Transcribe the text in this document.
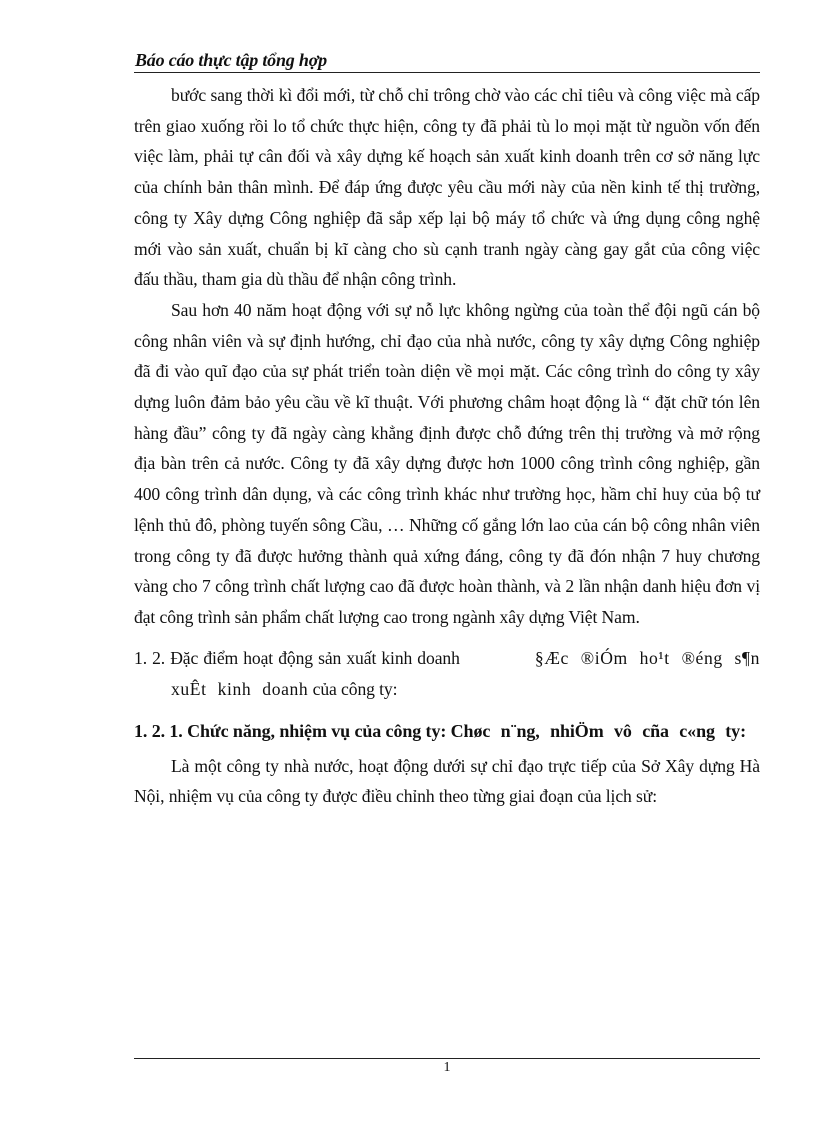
Báo cáo thực tập tổng hợp

bước sang thời kì đổi mới, từ chỗ chỉ trông chờ vào các chỉ tiêu và công việc mà cấp trên giao xuống rồi lo tổ chức thực hiện, công ty đã phải tù lo mọi mặt từ nguồn vốn đến việc làm, phải tự cân đối và xây dựng kế hoạch sản xuất kinh doanh trên cơ sở năng lực của chính bản thân mình. Để đáp ứng được yêu cầu mới này của nền kinh tế thị trường, công ty Xây dựng Công nghiệp đã sắp xếp lại bộ máy tổ chức và ứng dụng công nghệ mới vào sản xuất, chuẩn bị kĩ càng cho sù cạnh tranh ngày càng gay gắt của công việc đấu thầu, tham gia dù thầu để nhận công trình.

Sau hơn 40 năm hoạt động với sự nỗ lực không ngừng của toàn thể đội ngũ cán bộ công nhân viên và sự định hướng, chỉ đạo của nhà nước, công ty xây dựng Công nghiệp đã đi vào quĩ đạo của sự phát triển toàn diện về mọi mặt. Các công trình do công ty xây dựng luôn đảm bảo yêu cầu về kĩ thuật. Với phương châm hoạt động là “ đặt chữ tón lên hàng đầu” công ty đã ngày càng khẳng định được chỗ đứng trên thị trường và mở rộng địa bàn trên cả nước. Công ty đã xây dựng được hơn 1000 công trình công nghiệp, gần 400 công trình dân dụng, và các công trình khác như trường học, hầm chỉ huy của bộ tư lệnh thủ đô, phòng tuyến sông Cầu, … Những cố gắng lớn lao của cán bộ công nhân viên trong công ty đã được hưởng thành quả xứng đáng, công ty đã đón nhận 7 huy chương vàng cho 7 công trình chất lượng cao đã được hoàn thành, và 2 lần nhận danh hiệu đơn vị đạt công trình sản phẩm chất lượng cao trong ngành xây dựng Việt Nam.

1. 2. Đặc điểm hoạt động sản xuất kinh doanh	§Æc ®iÓm ho¹t ®éng s¶n xuÊt kinh doanh của công ty:
1. 2. 1. Chức năng, nhiệm vụ của công ty: Chøc n¨ng, nhiÖm vô cña c«ng ty:

Là một công ty nhà nước, hoạt động dưới sự chỉ đạo trực tiếp của Sở Xây dựng Hà Nội, nhiệm vụ của công ty được điều chỉnh theo từng giai đoạn của lịch sử:

1
